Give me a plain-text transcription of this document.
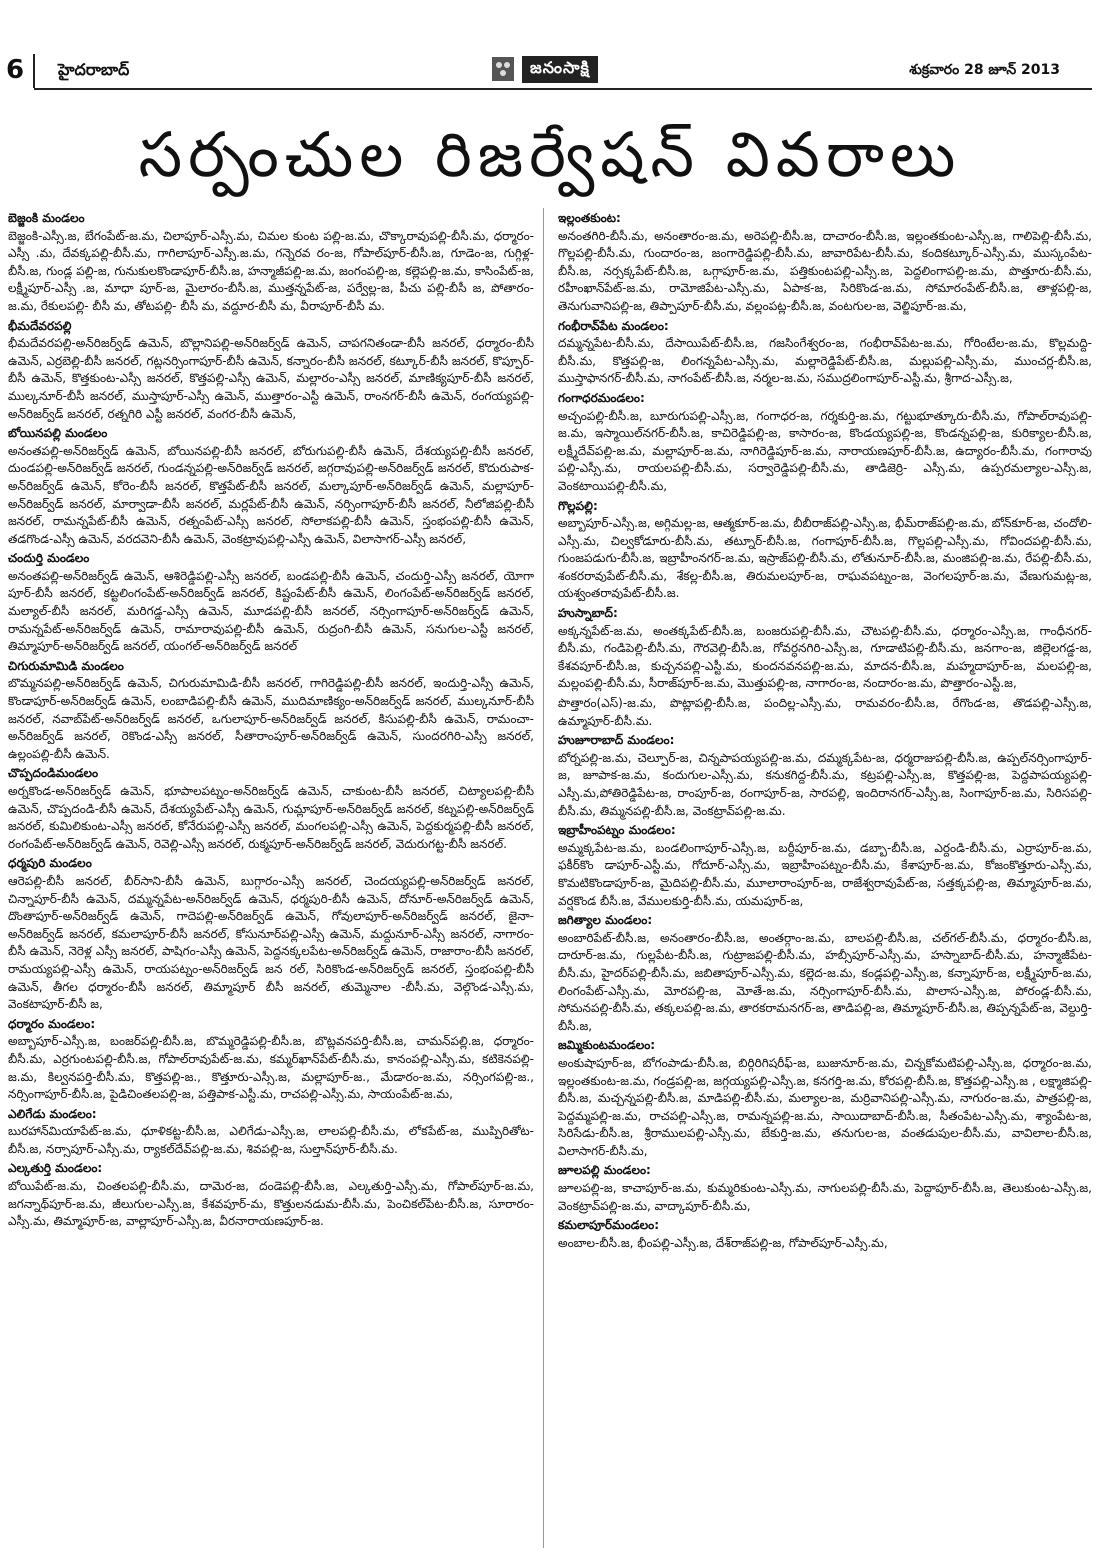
6	హైదరాబాద్	జనంసాక్షి	శుక్రవారం 28 జూన్ 2013
సర్పంచుల రిజర్వేషన్ వివరాలు
బెజ్జంకి మండలం
బెజ్జంకి-ఎస్సీ.జ, బేగంపేట్-జ.మ, చిలాపూర్-ఎస్సీ.మ, చిమల కుంట పల్లి-జ.మ, చొక్కారావుపల్లి-బీసీ.మ, ధర్మారం-ఎస్సీ .మ, దేవక్కపల్లి-బీసీ.మ, గాగిలాపూర్-ఎస్సీ.జ.మ, గన్నెరవ రం-జ, గోపాల్‌పూర్-బీసీ.జ, గూడెం-జ, గుగ్గిళ్ల-బీసీ.జ, గుండ్ల పల్లి-జ, గునుకులకొండాపూర్-బీసీ.జ, హన్మాజీపల్లి-జ.మ, జంగంపల్లి-జ, కల్లెపల్లి-జ.మ, కాసింపేట్-జ, లక్ష్మీపూర్-ఎస్సీ .జ, మాధా పూర్-జ, మైలారం-బీసీ.జ, ముత్తన్నపేట్-జ, పర్వేల్ల-జ, పీచు పల్లి-బీసీ జ, పోతారం-జ.మ, రేకులపల్లి- బీసీ మ, తోటపల్లి- బీసీ మ, వద్దూర-బీసీ మ, వీరాపూర్-బీసీ మ.
భీమదేవరపల్లి
భీమదేవరపల్లి-అన్‌రిజర్వ్‌డ్‌ ఉమెన్‌, బొల్లానిపల్లి-అన్‌రిజర్వ్‌డ్‌ ఉమెన్‌, చాపగనితండా-బీసీ జనరల్‌, ధర్మారం-బీసీ ఉమెన్‌, ఎర్రబెల్లి-బీసీ జనరల్‌, గట్లనర్సింగాపూర్-బీసీ ఉమెన్‌, కన్నారం-బీసీ జనరల్‌, కట్కూర్-బీసీ జనరల్‌, కొప్పూర్-బీసీ ఉమెన్‌, కొత్తకుంట-ఎస్సీ జనరల్‌, కొత్తపల్లి-ఎస్సీ ఉమెన్‌, మల్లారం-ఎస్సీ జనరల్‌, మాణిక్యపూర్-బీసీ జనరల్‌, ముల్కనూర్-బీసీ జనరల్‌, ముస్తాపూర్-ఎస్సీ ఉమెన్‌, ముత్తారం-ఎస్టీ ఉమెన్‌, రాంనగర్-బీసీ ఉమెన్‌, రంగయ్యపల్లి-అన్‌రిజర్వ్‌డ్‌ జనరల్‌, రత్నగిరి ఎస్టీ జనరల్‌, వంగర-బీసీ ఉమెన్‌,
బోయినపల్లి మండలం
అనంతపల్లి-అన్‌రిజర్వ్‌డ్‌ ఉమెన్‌, బోయినపల్లి-బీసీ జనరల్‌, బోరుగుపల్లి-బీసీ ఉమెన్‌, దేశయ్యపల్లి-బీసీ జనరల్‌, దుండపల్లి-అన్‌రిజర్వ్‌డ్‌ జనరల్‌, గుండన్నపల్లి-అన్‌రిజర్వ్‌డ్‌ జనరల్‌, జగ్గరావుపల్లి-అన్‌రిజర్వ్‌డ్‌ జనరల్‌, కొదురుపాక-అన్‌రిజర్వ్‌డ్‌ ఉమెన్‌, కోరెం-బీసీ జనరల్‌, కొత్తపేట్-బీసీ జనరల్‌, మల్కాపూర్-అన్‌రిజర్వ్‌డ్‌ ఉమెన్‌, మల్లాపూర్- అన్‌రిజర్వ్‌డ్‌ జనరల్‌, మార్వాడా-బీసీ జనరల్‌, మర్లపేట్-బీసీ ఉమెన్‌, నర్సింగాపూర్-బీసీ జనరల్‌, నీలోజిపల్లి-బీసీ జనరల్‌, రామన్నపేట్-బీసీ ఉమెన్‌, రత్నంపేట్-ఎస్సీ జనరల్‌, సోలాకపల్లి-బీసీ ఉమెన్‌, స్తంభంపల్లి-బీసీ ఉమెన్‌, తడగొండ-ఎస్సీ ఉమెన్‌, వరదవెని-బీసీ ఉమెన్‌, వెంకట్రావుపల్లి-ఎస్సీ ఉమెన్‌, విలాసాగర్-ఎస్సీ జనరల్‌,
చందుర్తి మండలం
అనంతపల్లి-అన్‌రిజర్వ్‌డ్‌ ఉమెన్‌, ఆశిరెడ్డిపల్లి-ఎస్సీ జనరల్‌, బండపల్లి-బీసీ ఉమెన్‌, చందుర్తి-ఎస్సీ జనరల్‌, యోగా పూర్-బీసీ జనరల్‌, కట్టలింగంపేట్-అన్‌రిజర్వ్‌డ్‌ జనరల్‌, కిష్టంపేట్-బీసీ ఉమెన్‌, లింగంపేట్-అన్‌రిజర్వ్‌డ్‌ జనరల్‌, మల్యాల్-బీసీ జనరల్‌, మరిగడ్డ-ఎస్సీ ఉమెన్‌, మూడపల్లి-బీసీ జనరల్‌, నర్సింగాపూర్-అన్‌రిజర్వ్‌డ్‌ ఉమెన్‌, రామన్నపేట్-అన్‌రిజర్వ్‌డ్‌ ఉమెన్‌, రామారావుపల్లి-బీసీ ఉమెన్‌, రుద్రంగి-బీసీ ఉమెన్‌, సనుగుల-ఎస్టీ జనరల్‌, తిమ్మాపూర్-అన్‌రిజర్వ్‌డ్‌ జనరల్‌, యంగల్-అన్‌రిజర్వ్‌డ్‌ జనరల్‌
చిగురుమామిడి మండలం
బొమ్మనపల్లి-అన్‌రిజర్వ్‌డ్‌ ఉమెన్‌, చిగురుమామిడి-బీసీ జనరల్‌, గాగిరెడ్డిపల్లి-బీసీ జనరల్‌, ఇందుర్తి-ఎస్సీ ఉమెన్‌, కొండాపూర్-అన్‌రిజర్వ్‌డ్‌ ఉమెన్‌, లంబాడిపల్లి-బీసీ ఉమెన్‌, ముదిమాణిక్యం-అన్‌రిజర్వ్‌డ్‌ జనరల్‌, ముల్కనూర్-బీసీ జనరల్‌, నవాబ్‌పేట్-అన్‌రిజర్వ్‌డ్‌ జనరల్‌, ఒగులాపూర్-అన్‌రిజర్వ్‌డ్‌ జనరల్‌, కిసుపల్లి-బీసీ ఉమెన్‌, రామంచా-అన్‌రిజర్వ్‌డ్‌ జనరల్‌, రెకొండ-ఎస్సీ జనరల్‌, సీతారాంపూర్-అన్‌రిజర్వ్‌డ్‌ ఉమెన్‌, సుందరగిరి-ఎస్సీ జనరల్‌, ఉల్లంపల్లి-బీసీ ఉమెన్‌.
చొప్పదండిమండలం
అర్నకొండ-అన్‌రిజర్వ్‌డ్‌ ఉమెన్‌, భూపాలపట్నం-అన్‌రిజర్వ్‌డ్‌ ఉమెన్‌, చాకుంట-బీసీ జనరల్‌, చిట్యాలపల్లి-బీసీ ఉమెన్‌, చొప్పదండి-బీసీ ఉమెన్‌, దేశయ్యపేట్-ఎస్సీ ఉమెన్‌, గుమ్లాపూర్-అన్‌రిజర్వ్‌డ్‌ జనరల్‌, కట్నపల్లి-అన్‌రిజర్వ్‌డ్‌ జనరల్‌, కుమిలికుంట-ఎస్సీ జనరల్‌, కోనేరుపల్లి-ఎస్సీ జనరల్‌, మంగలపల్లి-ఎస్సీ ఉమెన్‌, పెద్దకుర్మపల్లి-బీసీ జనరల్‌, రంగంపేట్-అన్‌రిజర్వ్‌డ్‌ ఉమెన్‌, రెవెల్లి-ఎస్సీ జనరల్‌, రుక్మపూర్-అన్‌రిజర్వ్‌డ్‌ జనరల్‌, వెదురుగట్ట-బీసీ జనరల్‌.
ధర్మపురి మండలం
ఆరెపల్లి-బీసీ జనరల్‌, బీర్‌సాని-బీసీ ఉమెన్‌, బుగ్గారం-ఎస్సీ జనరల్‌, చెందయ్యపల్లి-అన్‌రిజర్వ్‌డ్‌ జనరల్‌, చిన్నాపూర్-బీసీ ఉమెన్‌, దమ్మన్నపేట-అన్‌రిజర్వ్‌డ్‌ ఉమెన్‌, ధర్మపురి-బీసీ ఉమెన్‌, దోనూర్-అన్‌రిజర్వ్‌డ్‌ ఉమెన్‌, దొంతాపూర్-అన్‌రిజర్వ్‌డ్‌ ఉమెన్‌, గాదెపల్లి-అన్‌రిజర్వ్‌డ్‌ ఉమెన్‌, గోవులాపూర్-అన్‌రిజర్వ్‌డ్‌ జనరల్‌, జైనా-అన్‌రిజర్వ్‌డ్‌ జనరల్‌, కమలాపూర్-బీసీ జనరల్‌, కోసునూర్‌పల్లి-ఎస్సీ ఉమెన్‌, మద్దునూర్-ఎస్సీ జనరల్‌, నాగారం-బీసీ ఉమెన్‌, నెరెళ్ల ఎస్సీ జనరల్‌, పాషిగం-ఎస్సీ ఉమెన్‌, పెద్దనక్కలపేట-అన్‌రిజర్వ్‌డ్‌ ఉమెన్‌, రాజారాం-బీసీ జనరల్‌, రామయ్యపల్లి-ఎస్సీ ఉమెన్‌, రాయపట్నం-అన్‌రిజర్వ్‌డ్‌ జన రల్‌, సిరికొండ-అన్‌రిజర్వ్‌డ్‌ జనరల్‌, స్తంభంపల్లి-బీసీ ఉమెన్‌, తీగల ధర్మారం-బీసీ జనరల్‌, తిమ్మాపూర్ బీసీ జనరల్‌, తుమ్మెనాల -బీసీ.మ, వెల్గొండ-ఎస్సీ.మ, వెంకటాపూర్-బీసీ జ,
ధర్మారం మండలం:
అబ్బాపూర్-ఎస్సీ.జ, బంజర్‌పల్లి-బీసీ.జ, బొమ్మరెడ్డిపల్లి-బీసీ.జ, బొట్లవనపర్తి-బీసీ.జ, చామన్‌పల్లి.జ, ధర్మారం-బీసీ.మ, ఎర్రగుంటపల్లి-బీసీ.జ, గోపాల్‌రావుపేట్-జ.మ, కమ్మర్‌ఖాన్‌పేట్-బీసీ.మ, కానంపల్లి-ఎస్సీ.మ, కటికెనపల్లి-జ.మ, కిల్వనపర్తి-బీసీ.మ, కొత్తపల్లి-జ., కొత్తూరు-ఎస్సీ.జ, మల్లాపూర్-జ., మేడారం-జ.మ, నర్సింగపల్లి-జ., నర్సింగాపూర్-బీసీ.జ, పైడిచింతలపల్లి-జ, పత్తిపాక-ఎస్టీ.మ, రాచపల్లి-ఎస్సీ.మ, సాయంపేట్-జ.మ,
ఎలిగేడు మండలం:
బురహాన్‌మియాపేట్-జ.మ, ధూళికట్ట-బీసీ.జ, ఎలిగేడు-ఎస్సీ.జ, లాలపల్లి-బీసీ.మ, లోకపేట్-జ, ముప్పిరితోట-బీసీ.జ, నర్సాపూర్-ఎస్సీ.మ, ర్యాకల్‌దేవ్‌పల్లి-జ.మ, శివపల్లి-జ, సుల్తాన్‌పూర్-బీసీ.మ.
ఎల్కతుర్తి మండలం:
బోయిపేట్-జ.మ, చింతలపల్లి-బీసీ.మ, దామెర-జ, దండెపల్లి-బీసీ.జ, ఎల్కతుర్తి-ఎస్సీ.మ, గోపాల్‌పూర్-జ.మ, జగన్నాథ్‌పూర్-జ.మ, జీలుగుల-ఎస్సీ.జ, కేశవపూర్-మ, కొత్తులనడుమ-బీసీ.మ, పెంచికల్‌పేట-బీసీ.జ, సూరారం-ఎస్సీ.మ, తిమ్మాపూర్-జ, వాల్లాపూర్-ఎస్సీ.జ, వీరనారాయణపూర్-జ.
ఇల్లంతకుంట:
అనంతగిరి-బీసీ.మ, అనంతారం-జ.మ, అరెపల్లి-బీసీ.జ, దాచారం-బీసీ.జ, ఇల్లంతకుంట-ఎస్సీ.జ, గాలిపెల్లి-బీసీ.మ, గొల్లపల్లి-బీసీ.మ, గుందారం-జ, జంగారెడ్డిపల్లి-బీసీ.మ, జావారిపేట-బీసీ.మ, కందికట్కూర్-ఎస్సీ.మ, ముస్కంపేట-బీసీ.జ, నర్సక్కపేట్-బీసీ.జ, ఒగ్గాపూర్-జ.మ, పత్తికుంటపల్లి-ఎస్సీ.జ, పెద్దలింగాపల్లి-జ.మ, పొత్తూరు-బీసీ.మ, రహీంఖాన్‌పేట్-జ.మ, రామోజిపేట-ఎస్సీ.మ, ఏపాక-జ, సిరికొండ-జ.మ, సోమారంపేట్-బీసీ.జ, తాళ్లపల్లి-జ, తెనుగువానిపల్లి-జ, తిప్పాపూర్-బీసీ.మ, వల్లంపట్ల-బీసీ.జ, వంటగుల-జ, వెల్జిపూర్-జ.మ,
గంభీరావ్‌పేట మండలం:
దమ్మన్నపేట-బీసీ.మ, దేసాయిపేట్-బీసీ.జ, గజసింగేశ్వరం-జ, గంభీరావ్‌పేట-జ.మ, గోరింటేల-జ.మ, కొల్లమద్ది-బీసీ.మ, కొత్తపల్లి-జ, లింగన్నపేట-ఎస్సీ.మ, మల్లారెడ్డిపేట్-బీసీ.జ, మల్లుపల్లి-ఎస్సీ.మ, ముంచర్ల-బీసీ.జ, ముస్తాఫానగర్-బీసీ.మ, నాగంపేట్-బీసీ.జ, నర్మల-జ.మ, సముద్రలింగాపూర్-ఎస్టీ.మ, శ్రీగాద-ఎస్సీ.జ,
గంగాధరమండలం:
అచ్చంపల్లి-బీసీ.జ, బూరుగుపల్లి-ఎస్సీ.జ, గంగాధర-జ, గర్శకుర్తి-జ.మ, గట్టుభూత్కూరు-బీసీ.మ, గోపాల్‌రావుపల్లి-జ.మ, ఇస్మాయిల్‌నగర్-బీసీ.జ, కాచిరెడ్డిపల్లి-జ, కాసారం-జ, కొండయ్యపల్లి-జ, కొండన్నపల్లి-జ, కురిక్యాల-బీసీ.జ, లక్ష్మీదేవ్‌పల్లి-జ.మ, మల్లాపూర్-జ.మ, నాగిరెడ్డిపూర్-జ.మ, నారాయణపూర్-బీసీ.జ, ఉద్యారం-బీసీ.మ, గంగారావు పల్లి-ఎస్సీ.మ, రాయలపల్లి-బీసీ.మ, సర్వారెడ్డిపల్లి-బీసీ.మ, తాడిజెర్రి- ఎస్సీ.మ, ఉప్పరమల్యాల-ఎస్సీ.జ, వెంకటాయిపల్లి-బీసీ.మ,
గొల్లపల్లి:
అబ్బాపూర్-ఎస్సీ.జ, అగ్గిమల్ల-జ, ఆత్మకూర్-జ.మ, బీబీరాజ్‌పల్లి-ఎస్సీ.జ, భీమ్‌రాజ్‌పల్లి-జ.మ, బోన్‌కూర్-జ, చందోలి-ఎస్సీ.మ, చిల్వకోడూరు-బీసీ.మ, తట్నూర్-బీసీ.జ, గంగాపూర్-బీసీ.జ, గొల్లపల్లి-ఎస్సీ.మ, గోవిందపల్లి-బీసీ.మ, గుంజపడుగు-బీసీ.జ, ఇబ్రాహీంనగర్-జ.మ, ఇస్రాజ్‌పల్లి-బీసీ.మ, లోతునూర్-బీసీ.జ, మంజిపల్లి-జ.మ, రేపల్లి-బీసీ.మ, శంకరరావుపేట్-బీసీ.మ, శేకల్ల-బీసీ.జ, తిరుమలపూర్-జ, రాఘవపట్నం-జ, వెంగలపూర్-జ.మ, వేణుగుమట్ల-జ, యశ్వంతరావుపేట్-బీసీ.జ.
హుస్నాబాద్:
అక్కన్నపేట్-జ.మ, అంతక్కపేట్-బీసీ.జ, బంజరుపల్లి-బీసీ.మ, చౌటపల్లి-బీసీ.మ, ధర్మారం-ఎస్సీ.జ, గాంధీనగర్-బీసీ.మ, గండిపెల్లి-బీసీ.మ, గౌరవెల్లి-బీసీ.జ, గోవర్ధనగిరి-ఎస్సీ.జ, గూడాటిపల్లి-బీసీ.మ, జనగాం-జ, జిల్లెలగడ్డ-జ, కేశవపూర్-బీసీ.జ, కుచ్చనపల్లి-ఎస్టీ.మ, కుందనవనపల్లి-జ.మ, మాదన-బీసీ.జ, మహ్మదాపూర్-జ, మలపల్లి-జ, మల్లంపల్లి-బీసీ.మ, సీరాజ్‌పూర్-జ.మ, మొత్తుపల్లి-జ, నాగారం-జ, నందారం-జ.మ, పొత్తారం-ఎస్టీ.జ,
పొత్తారం(ఎస్)-జ.మ, పొట్లాపల్లి-బీసీ.జ, పందిల్ల-ఎస్సీ.మ, రామవరం-బీసీ.జ, రేగొండ-జ, తొడపల్లి-ఎస్సీ.జ, ఉమ్మాపూర్-బీసీ.మ.
హుజూరాబాద్ మండలం:
బోర్నపల్లి-జ.మ, చెల్పూర్-జ, చిన్నపాపయ్యపల్లి-జ.మ, దమ్మక్కపేట-జ, ధర్మరాజుపల్లి-బీసీ.జ, ఉప్పల్‌నర్సింగాపూర్-జ, జూపాక-జ.మ, కందుగుల-ఎస్సీ.మ, కనుకగిద్ద-బీసీ.మ, కట్రపల్లి-ఎస్సీ.జ, కొత్తపల్లి-జ, పెద్దపాపయ్యపల్లి-ఎస్సీ.మ,పోతిరెడ్డిపేట-జ, రాంపూర్-జ, రంగాపూర్-జ, సారపల్లి, ఇందిరానగర్-ఎస్సీ.జ, సింగాపూర్-జ.మ, సిరిసపల్లి-బీసీ.మ, తిమ్మనపల్లి-బీసీ.జ, వెంకట్రావ్‌పల్లి-జ.మ.
ఇబ్రాహీంపట్నం మండలం:
అమ్మక్కపేట-జ.మ, బండలింగాపూర్-ఎస్సీ.జ, బర్దీపూర్-జ.మ, డబ్బా-బీసీ.జ, ఎర్దండి-బీసీ.మ, ఎర్రాపూర్-జ.మ, ఫకీర్‌కొం డాపూర్-ఎస్టీ.మ, గోదూర్-ఎస్సీ.మ, ఇబ్రాహీంపట్నం-బీసీ.మ, కేశాపూర్-జ.మ, కోజంకొత్తూరు-ఎస్సీ.మ, కొమటికొండాపూర్-జ, మైదిపల్లి-బీసీ.మ, మూలారాంపూర్-జ, రాజేశ్వరావుపేట్-జ, సత్తక్కపల్లి-జ, తిమ్మాపూర్-జ.మ, వర్షకొండ బీసీ.జ, వేములకుర్తి-బీసీ.మ, యమపూర్-జ,
జగిత్యాల మండలం:
అంబారిపేట్-బీసీ.జ, అనంతారం-బీసీ.జ, అంతర్గాం-జ.మ, బాలపల్లి-బీసీ.జ, చల్‌గల్-బీసీ.మ, ధర్మారం-బీసీ.జ, దారూర్-జ.మ, గుల్లపేట-బీసీ.జ, గుట్రాజపల్లి-బీసీ.మ, హబ్సీపూర్-ఎస్సీ.మ, హస్నాబాద్-బీసీ.మ, హన్మాజీపేట-బీసీ.మ, హైదర్‌పల్లి-బీసీ.మ, జబితాపూర్-ఎస్సీ.మ, కల్లెద-జ.మ, కండ్లపల్లి-ఎస్సీ.జ, కన్నాపూర్-జ, లక్ష్మీపూర్-జ.మ, లింగంపేట్-ఎస్సీ.మ, మోరపల్లి-జ, మోతే-జ.మ, నర్సింగాపూర్-బీసీ.మ, పొలాస-ఎస్సీ.జ, పోరండ్ల-బీసీ.మ, సోమనపల్లి-బీసీ.మ, తక్కలపల్లి-జ.మ, తారకరామనగర్-జ, తాడిపల్లి-జ, తిమ్మాపూర్-బీసీ.జ, తిప్పన్నపేట్-జ, వెల్దుర్తి-బీసీ.జ,
జమ్మికుంటమండలం:
అంకుషాపూర్-జ, బోగంపాడు-బీసీ.జ, బిర్గిరిగిషరీఫ్-జ, బుజునూర్-జ.మ, చిన్నకోమటిపల్లి-ఎస్సీ.జ, ధర్మారం-జ.మ, ఇల్లంతకుంట-జ.మ, గండ్రపల్లి-జ, జగ్గయ్యపల్లి-ఎస్సీ.జ, కనగర్తి-జ.మ, కోరపల్లి-బీసీ.జ, కొత్తపల్లి-ఎస్సీ.జ , లక్ష్మాజిపల్లి-బీసీ.జ, మచ్చన్నపల్లి-బీసీ.జ, మాడిపల్లి-బీసీ.మ, మల్యాల-జ, మర్రివానిపల్లి-ఎస్సీ.మ, నాగురం-జ.మ, పాత్రపల్లి-జ, పెద్దమ్మపల్లి-జ.మ, రాచపల్లి-ఎస్సీ.జ, రామన్నపల్లి-జ.మ, సాయిదాబాద్-బీసీ.జ, సీతంపేట-ఎస్సీ.మ, శ్యాంపేట-జ, సిరిసేడు-బీసీ.జ, శ్రీరాములపల్లి-ఎస్సీ.మ, బేకుర్తి-జ.మ, తనుగుల-జ, వంతడుపుల-బీసీ.మ, వావిలాల-బీసీ.జ, విలాసాగర్-బీసీ.మ,
జూలపల్లి మండలం:
జూలపల్లి-జ, కాచాపూర్-జ.మ, కుమ్మరికుంట-ఎస్సీ.మ, నాగులపల్లి-బీసీ.మ, పెద్దాపూర్-బీసీ.జ, తెలుకుంట-ఎస్సీ.జ, వెంకట్రావ్‌పల్లి-జ.మ, వాద్కాపూర్-బీసీ.మ,
కమలాపూర్‌మండలం:
అంబాల-బీసీ.జ, భీంపల్లి-ఎస్సీ.జ, దేశ్‌రాజ్‌పల్లి-జ, గోపాల్‌పూర్-ఎస్సీ.మ,
